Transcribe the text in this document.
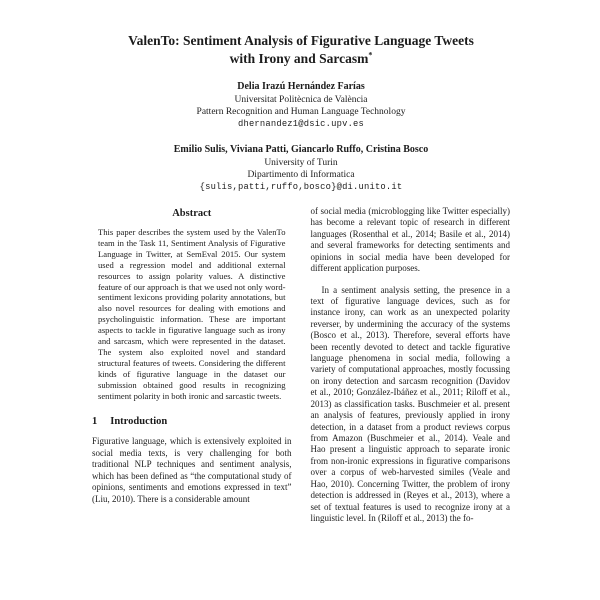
ValenTo: Sentiment Analysis of Figurative Language Tweets
with Irony and Sarcasm*
Delia Irazú Hernández Farías
Universitat Politècnica de València
Pattern Recognition and Human Language Technology
dhernandez1@dsic.upv.es
Emilio Sulis, Viviana Patti, Giancarlo Ruffo, Cristina Bosco
University of Turin
Dipartimento di Informatica
{sulis,patti,ruffo,bosco}@di.unito.it
Abstract
This paper describes the system used by the ValenTo team in the Task 11, Sentiment Analysis of Figurative Language in Twitter, at SemEval 2015. Our system used a regression model and additional external resources to assign polarity values. A distinctive feature of our approach is that we used not only word-sentiment lexicons providing polarity annotations, but also novel resources for dealing with emotions and psycholinguistic information. These are important aspects to tackle in figurative language such as irony and sarcasm, which were represented in the dataset. The system also exploited novel and standard structural features of tweets. Considering the different kinds of figurative language in the dataset our submission obtained good results in recognizing sentiment polarity in both ironic and sarcastic tweets.
1 Introduction
Figurative language, which is extensively exploited in social media texts, is very challenging for both traditional NLP techniques and sentiment analysis, which has been defined as “the computational study of opinions, sentiments and emotions expressed in text” (Liu, 2010). There is a considerable amount
of social media (microblogging like Twitter especially) has become a relevant topic of research in different languages (Rosenthal et al., 2014; Basile et al., 2014) and several frameworks for detecting sentiments and opinions in social media have been developed for different application purposes.
In a sentiment analysis setting, the presence in a text of figurative language devices, such as for instance irony, can work as an unexpected polarity reverser, by undermining the accuracy of the systems (Bosco et al., 2013). Therefore, several efforts have been recently devoted to detect and tackle figurative language phenomena in social media, following a variety of computational approaches, mostly focussing on irony detection and sarcasm recognition (Davidov et al., 2010; González-Ibáñez et al., 2011; Riloff et al., 2013) as classification tasks. Buschmeier et al. present an analysis of features, previously applied in irony detection, in a dataset from a product reviews corpus from Amazon (Buschmeier et al., 2014). Veale and Hao present a linguistic approach to separate ironic from non-ironic expressions in figurative comparisons over a corpus of web-harvested similes (Veale and Hao, 2010). Concerning Twitter, the problem of irony detection is addressed in (Reyes et al., 2013), where a set of textual features is used to recognize irony at a linguistic level. In (Riloff et al., 2013) the fo-
